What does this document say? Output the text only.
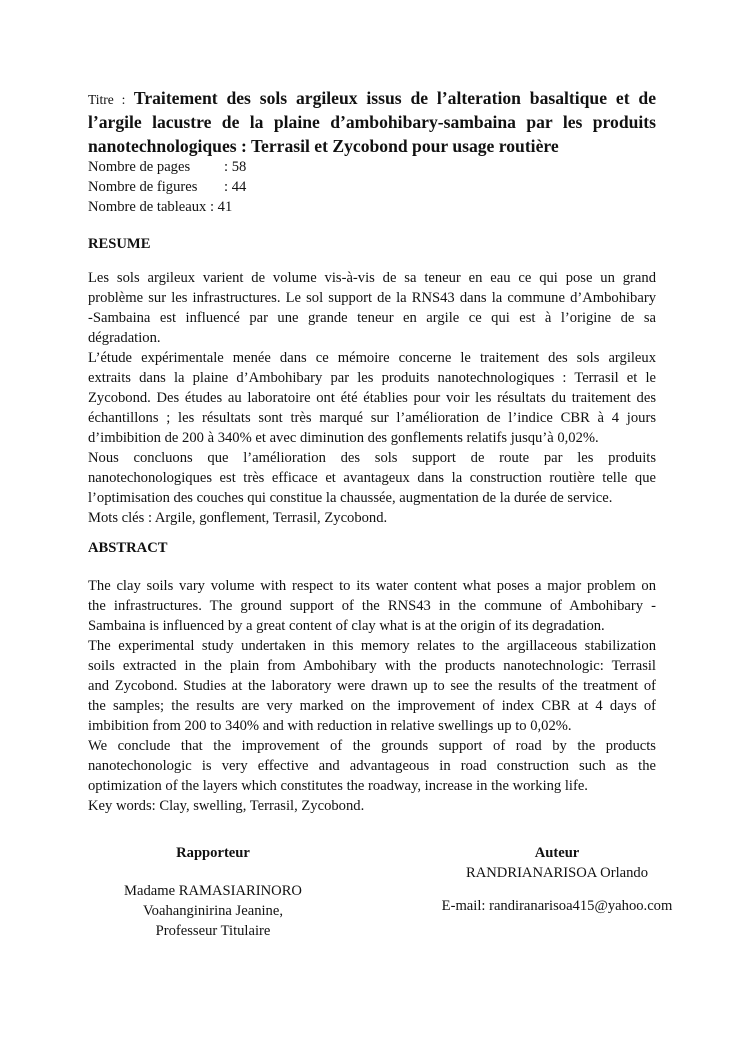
Titre : Traitement des sols argileux issus de l’alteration basaltique et de
l’argile lacustre de la plaine d’ambohibary-sambaina par les produits
nanotechnologiques : Terrasil et Zycobond pour usage routière
Nombre de pages : 58
Nombre de figures : 44
Nombre de tableaux : 41
RESUME
Les sols argileux varient de volume vis-à-vis de sa teneur en eau ce qui pose un grand
problème sur les infrastructures. Le sol support de la RNS43 dans la commune d’Ambohibary
-Sambaina est influencé par une grande teneur en argile ce qui est à l’origine de sa
dégradation.
L’étude expérimentale menée dans ce mémoire concerne le traitement des sols argileux
extraits dans la plaine d’Ambohibary par les produits nanotechnologiques : Terrasil et le
Zycobond. Des études au laboratoire ont été établies pour voir les résultats du traitement des
échantillons ; les résultats sont très marqué sur l’amélioration de l’indice CBR à 4 jours
d’imbibition de 200 à 340% et avec diminution des gonflements relatifs jusqu’à 0,02%.
Nous concluons que l’amélioration des sols support de route par les produits
nanotechonologiques est très efficace et avantageux dans la construction routière telle que
l’optimisation des couches qui constitue la chaussée, augmentation de la durée de service.
Mots clés : Argile, gonflement, Terrasil, Zycobond.
ABSTRACT
The clay soils vary volume with respect to its water content what poses a major problem on
the infrastructures. The ground support of the RNS43 in the commune of Ambohibary -
Sambaina is influenced by a great content of clay what is at the origin of its degradation.
The experimental study undertaken in this memory relates to the argillaceous stabilization
soils extracted in the plain from Ambohibary with the products nanotechnologic: Terrasil
and Zycobond. Studies at the laboratory were drawn up to see the results of the treatment of
the samples; the results are very marked on the improvement of index CBR at 4 days of
imbibition from 200 to 340% and with reduction in relative swellings up to 0,02%.
We conclude that the improvement of the grounds support of road by the products
nanotechonologic is very effective and advantageous in road construction such as the
optimization of the layers which constitutes the roadway, increase in the working life.
Key words: Clay, swelling, Terrasil, Zycobond.
Rapporteur
Madame RAMASIARINORO
Voahanginirina Jeanine,
Professeur Titulaire
Auteur
RANDRIANARISOA Orlando
E-mail: randiranarisoa415@yahoo.com
